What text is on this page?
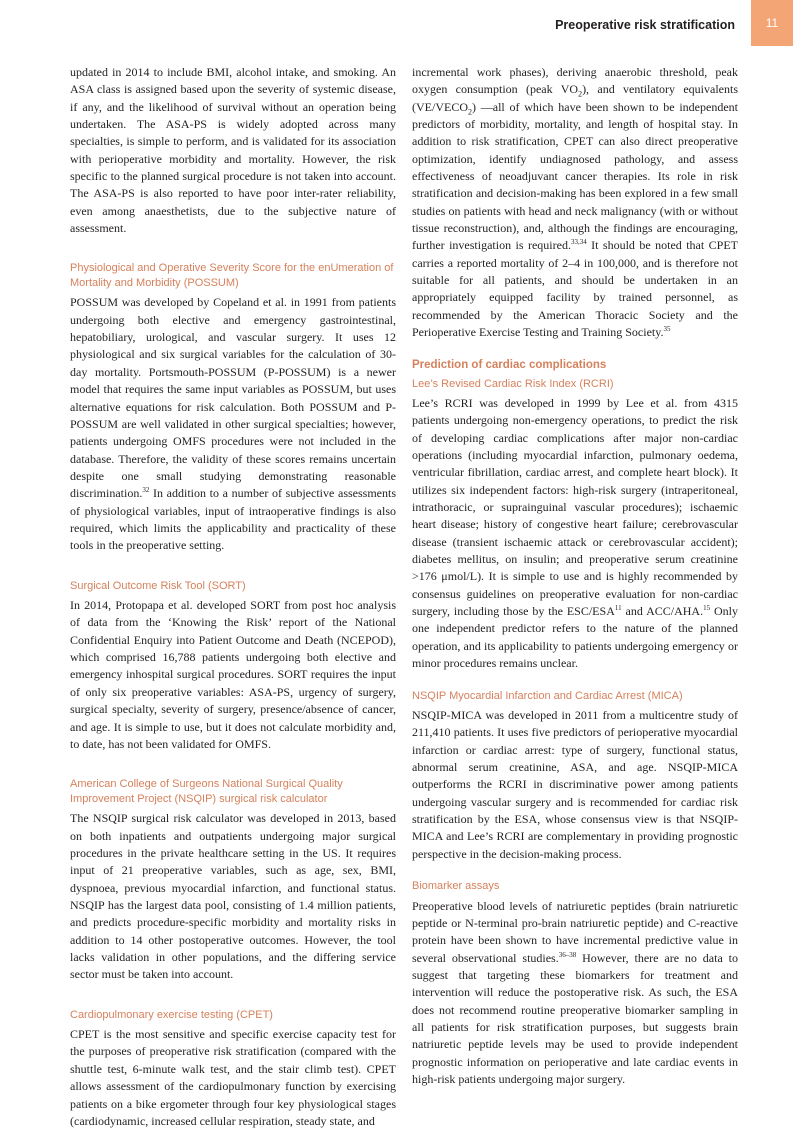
Preoperative risk stratification	11

updated in 2014 to include BMI, alcohol intake, and smoking. An ASA class is assigned based upon the severity of systemic disease, if any, and the likelihood of survival without an operation being undertaken. The ASA-PS is widely adopted across many specialties, is simple to perform, and is validated for its association with perioperative morbidity and mortality. However, the risk specific to the planned surgical procedure is not taken into account. The ASA-PS is also reported to have poor inter-rater reliability, even among anaesthetists, due to the subjective nature of assessment.

Physiological and Operative Severity Score for the enUmeration of Mortality and Morbidity (POSSUM)

POSSUM was developed by Copeland et al. in 1991 from patients undergoing both elective and emergency gastrointestinal, hepatobiliary, urological, and vascular surgery. It uses 12 physiological and six surgical variables for the calculation of 30-day mortality. Portsmouth-POSSUM (P-POSSUM) is a newer model that requires the same input variables as POSSUM, but uses alternative equations for risk calculation. Both POSSUM and P-POSSUM are well validated in other surgical specialties; however, patients undergoing OMFS procedures were not included in the database. Therefore, the validity of these scores remains uncertain despite one small studying demonstrating reasonable discrimination.$^{32}$ In addition to a number of subjective assessments of physiological variables, input of intraoperative findings is also required, which limits the applicability and practicality of these tools in the preoperative setting.

Surgical Outcome Risk Tool (SORT)

In 2014, Protopapa et al. developed SORT from post hoc analysis of data from the ‘Knowing the Risk’ report of the National Confidential Enquiry into Patient Outcome and Death (NCEPOD), which comprised 16,788 patients undergoing both elective and emergency inhospital surgical procedures. SORT requires the input of only six preoperative variables: ASA-PS, urgency of surgery, surgical specialty, severity of surgery, presence/absence of cancer, and age. It is simple to use, but it does not calculate morbidity and, to date, has not been validated for OMFS.

American College of Surgeons National Surgical Quality Improvement Project (NSQIP) surgical risk calculator

The NSQIP surgical risk calculator was developed in 2013, based on both inpatients and outpatients undergoing major surgical procedures in the private healthcare setting in the US. It requires input of 21 preoperative variables, such as age, sex, BMI, dyspnoea, previous myocardial infarction, and functional status. NSQIP has the largest data pool, consisting of 1.4 million patients, and predicts procedure-specific morbidity and mortality risks in addition to 14 other postoperative outcomes. However, the tool lacks validation in other populations, and the differing service sector must be taken into account.

Cardiopulmonary exercise testing (CPET)

CPET is the most sensitive and specific exercise capacity test for the purposes of preoperative risk stratification (compared with the shuttle test, 6-minute walk test, and the stair climb test). CPET allows assessment of the cardiopulmonary function by exercising patients on a bike ergometer through four key physiological stages (cardiodynamic, increased cellular respiration, steady state, and

incremental work phases), deriving anaerobic threshold, peak oxygen consumption (peak $VO_2$), and ventilatory equivalents $(VE/VECO_2)$ —all of which have been shown to be independent predictors of morbidity, mortality, and length of hospital stay. In addition to risk stratification, CPET can also direct preoperative optimization, identify undiagnosed pathology, and assess effectiveness of neoadjuvant cancer therapies. Its role in risk stratification and decision-making has been explored in a few small studies on patients with head and neck malignancy (with or without tissue reconstruction), and, although the findings are encouraging, further investigation is required.$^{33,34}$ It should be noted that CPET carries a reported mortality of 2–4 in 100,000, and is therefore not suitable for all patients, and should be undertaken in an appropriately equipped facility by trained personnel, as recommended by the American Thoracic Society and the Perioperative Exercise Testing and Training Society.$^{35}$

Prediction of cardiac complications
Lee’s Revised Cardiac Risk Index (RCRI)

Lee’s RCRI was developed in 1999 by Lee et al. from 4315 patients undergoing non-emergency operations, to predict the risk of developing cardiac complications after major non-cardiac operations (including myocardial infarction, pulmonary oedema, ventricular fibrillation, cardiac arrest, and complete heart block). It utilizes six independent factors: high-risk surgery (intraperitoneal, intrathoracic, or suprainguinal vascular procedures); ischaemic heart disease; history of congestive heart failure; cerebrovascular disease (transient ischaemic attack or cerebrovascular accident); diabetes mellitus, on insulin; and preoperative serum creatinine >176 μmol/L). It is simple to use and is highly recommended by consensus guidelines on preoperative evaluation for non-cardiac surgery, including those by the ESC/ESA$^{11}$ and ACC/AHA.$^{15}$ Only one independent predictor refers to the nature of the planned operation, and its applicability to patients undergoing emergency or minor procedures remains unclear.

NSQIP Myocardial Infarction and Cardiac Arrest (MICA)

NSQIP-MICA was developed in 2011 from a multicentre study of 211,410 patients. It uses five predictors of perioperative myocardial infarction or cardiac arrest: type of surgery, functional status, abnormal serum creatinine, ASA, and age. NSQIP-MICA outperforms the RCRI in discriminative power among patients undergoing vascular surgery and is recommended for cardiac risk stratification by the ESA, whose consensus view is that NSQIP-MICA and Lee’s RCRI are complementary in providing prognostic perspective in the decision-making process.

Biomarker assays

Preoperative blood levels of natriuretic peptides (brain natriuretic peptide or N-terminal pro-brain natriuretic peptide) and C-reactive protein have been shown to have incremental predictive value in several observational studies.$^{36-38}$ However, there are no data to suggest that targeting these biomarkers for treatment and intervention will reduce the postoperative risk. As such, the ESA does not recommend routine preoperative biomarker sampling in all patients for risk stratification purposes, but suggests brain natriuretic peptide levels may be used to provide independent prognostic information on perioperative and late cardiac events in high-risk patients undergoing major surgery.
